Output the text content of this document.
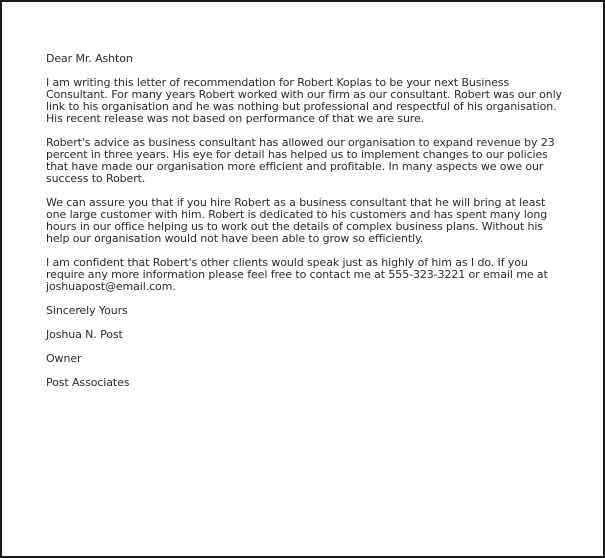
Dear Mr. Ashton

I am writing this letter of recommendation for Robert Koplas to be your next Business Consultant. For many years Robert worked with our firm as our consultant. Robert was our only link to his organisation and he was nothing but professional and respectful of his organisation. His recent release was not based on performance of that we are sure.

Robert's advice as business consultant has allowed our organisation to expand revenue by 23 percent in three years. His eye for detail has helped us to implement changes to our policies that have made our organisation more efficient and profitable. In many aspects we owe our success to Robert.

We can assure you that if you hire Robert as a business consultant that he will bring at least one large customer with him. Robert is dedicated to his customers and has spent many long hours in our office helping us to work out the details of complex business plans. Without his help our organisation would not have been able to grow so efficiently.

I am confident that Robert's other clients would speak just as highly of him as I do. If you require any more information please feel free to contact me at 555-323-3221 or email me at joshuapost@email.com.

Sincerely Yours

Joshua N. Post

Owner

Post Associates
